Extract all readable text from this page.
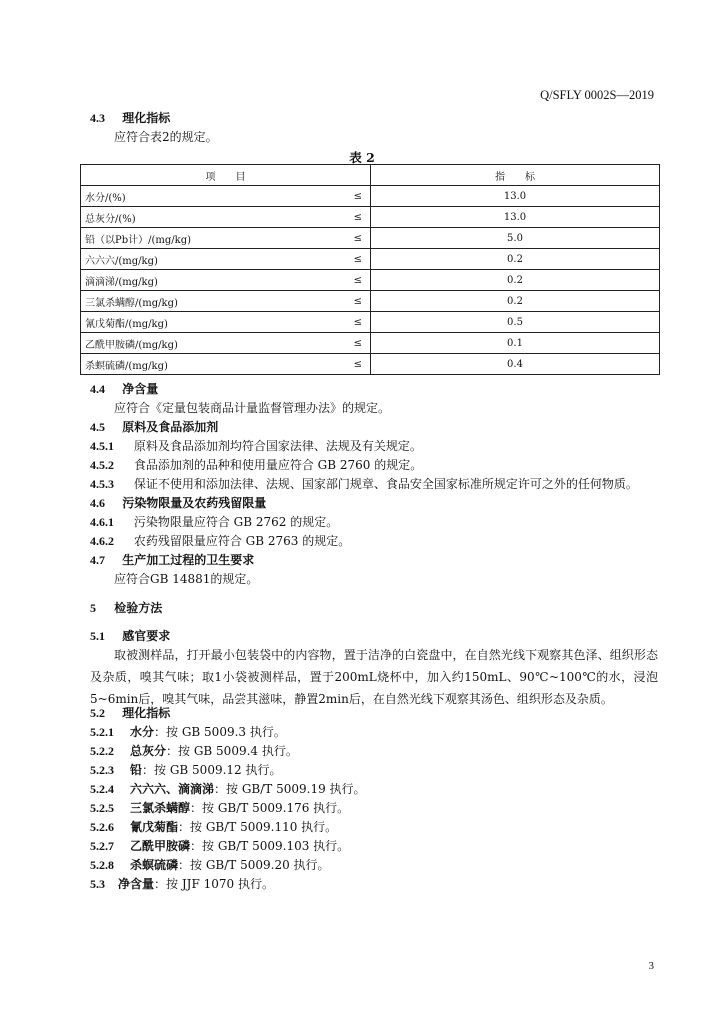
Q/SFLY 0002S—2019
4.3 理化指标
应符合表2的规定。
表 2
项　　目		指　　标
水分/(%)	≤	13.0
总灰分/(%)	≤	13.0
铅（以Pb计）/(mg/kg)	≤	5.0
六六六/(mg/kg)	≤	0.2
滴滴涕/(mg/kg)	≤	0.2
三氯杀螨醇/(mg/kg)	≤	0.2
氰戊菊酯/(mg/kg)	≤	0.5
乙酰甲胺磷/(mg/kg)	≤	0.1
杀螟硫磷/(mg/kg)	≤	0.4
4.4 净含量
应符合《定量包装商品计量监督管理办法》的规定。
4.5 原料及食品添加剂
4.5.1 原料及食品添加剂均符合国家法律、法规及有关规定。
4.5.2 食品添加剂的品种和使用量应符合 GB 2760 的规定。
4.5.3 保证不使用和添加法律、法规、国家部门规章、食品安全国家标准所规定许可之外的任何物质。
4.6 污染物限量及农药残留限量
4.6.1 污染物限量应符合 GB 2762 的规定。
4.6.2 农药残留限量应符合 GB 2763 的规定。
4.7 生产加工过程的卫生要求
应符合GB 14881的规定。
5 检验方法
5.1 感官要求
取被测样品，打开最小包装袋中的内容物，置于洁净的白瓷盘中，在自然光线下观察其色泽、组织形态及杂质，嗅其气味；取1小袋被测样品，置于200mL烧杯中，加入约150mL、90℃~100℃的水，浸泡5~6min后，嗅其气味，品尝其滋味，静置2min后，在自然光线下观察其汤色、组织形态及杂质。
5.2 理化指标
5.2.1 水分：按 GB 5009.3 执行。
5.2.2 总灰分：按 GB 5009.4 执行。
5.2.3 铅：按 GB 5009.12 执行。
5.2.4 六六六、滴滴涕：按 GB/T 5009.19 执行。
5.2.5 三氯杀螨醇：按 GB/T 5009.176 执行。
5.2.6 氰戊菊酯：按 GB/T 5009.110 执行。
5.2.7 乙酰甲胺磷：按 GB/T 5009.103 执行。
5.2.8 杀螟硫磷：按 GB/T 5009.20 执行。
5.3 净含量：按 JJF 1070 执行。
3
